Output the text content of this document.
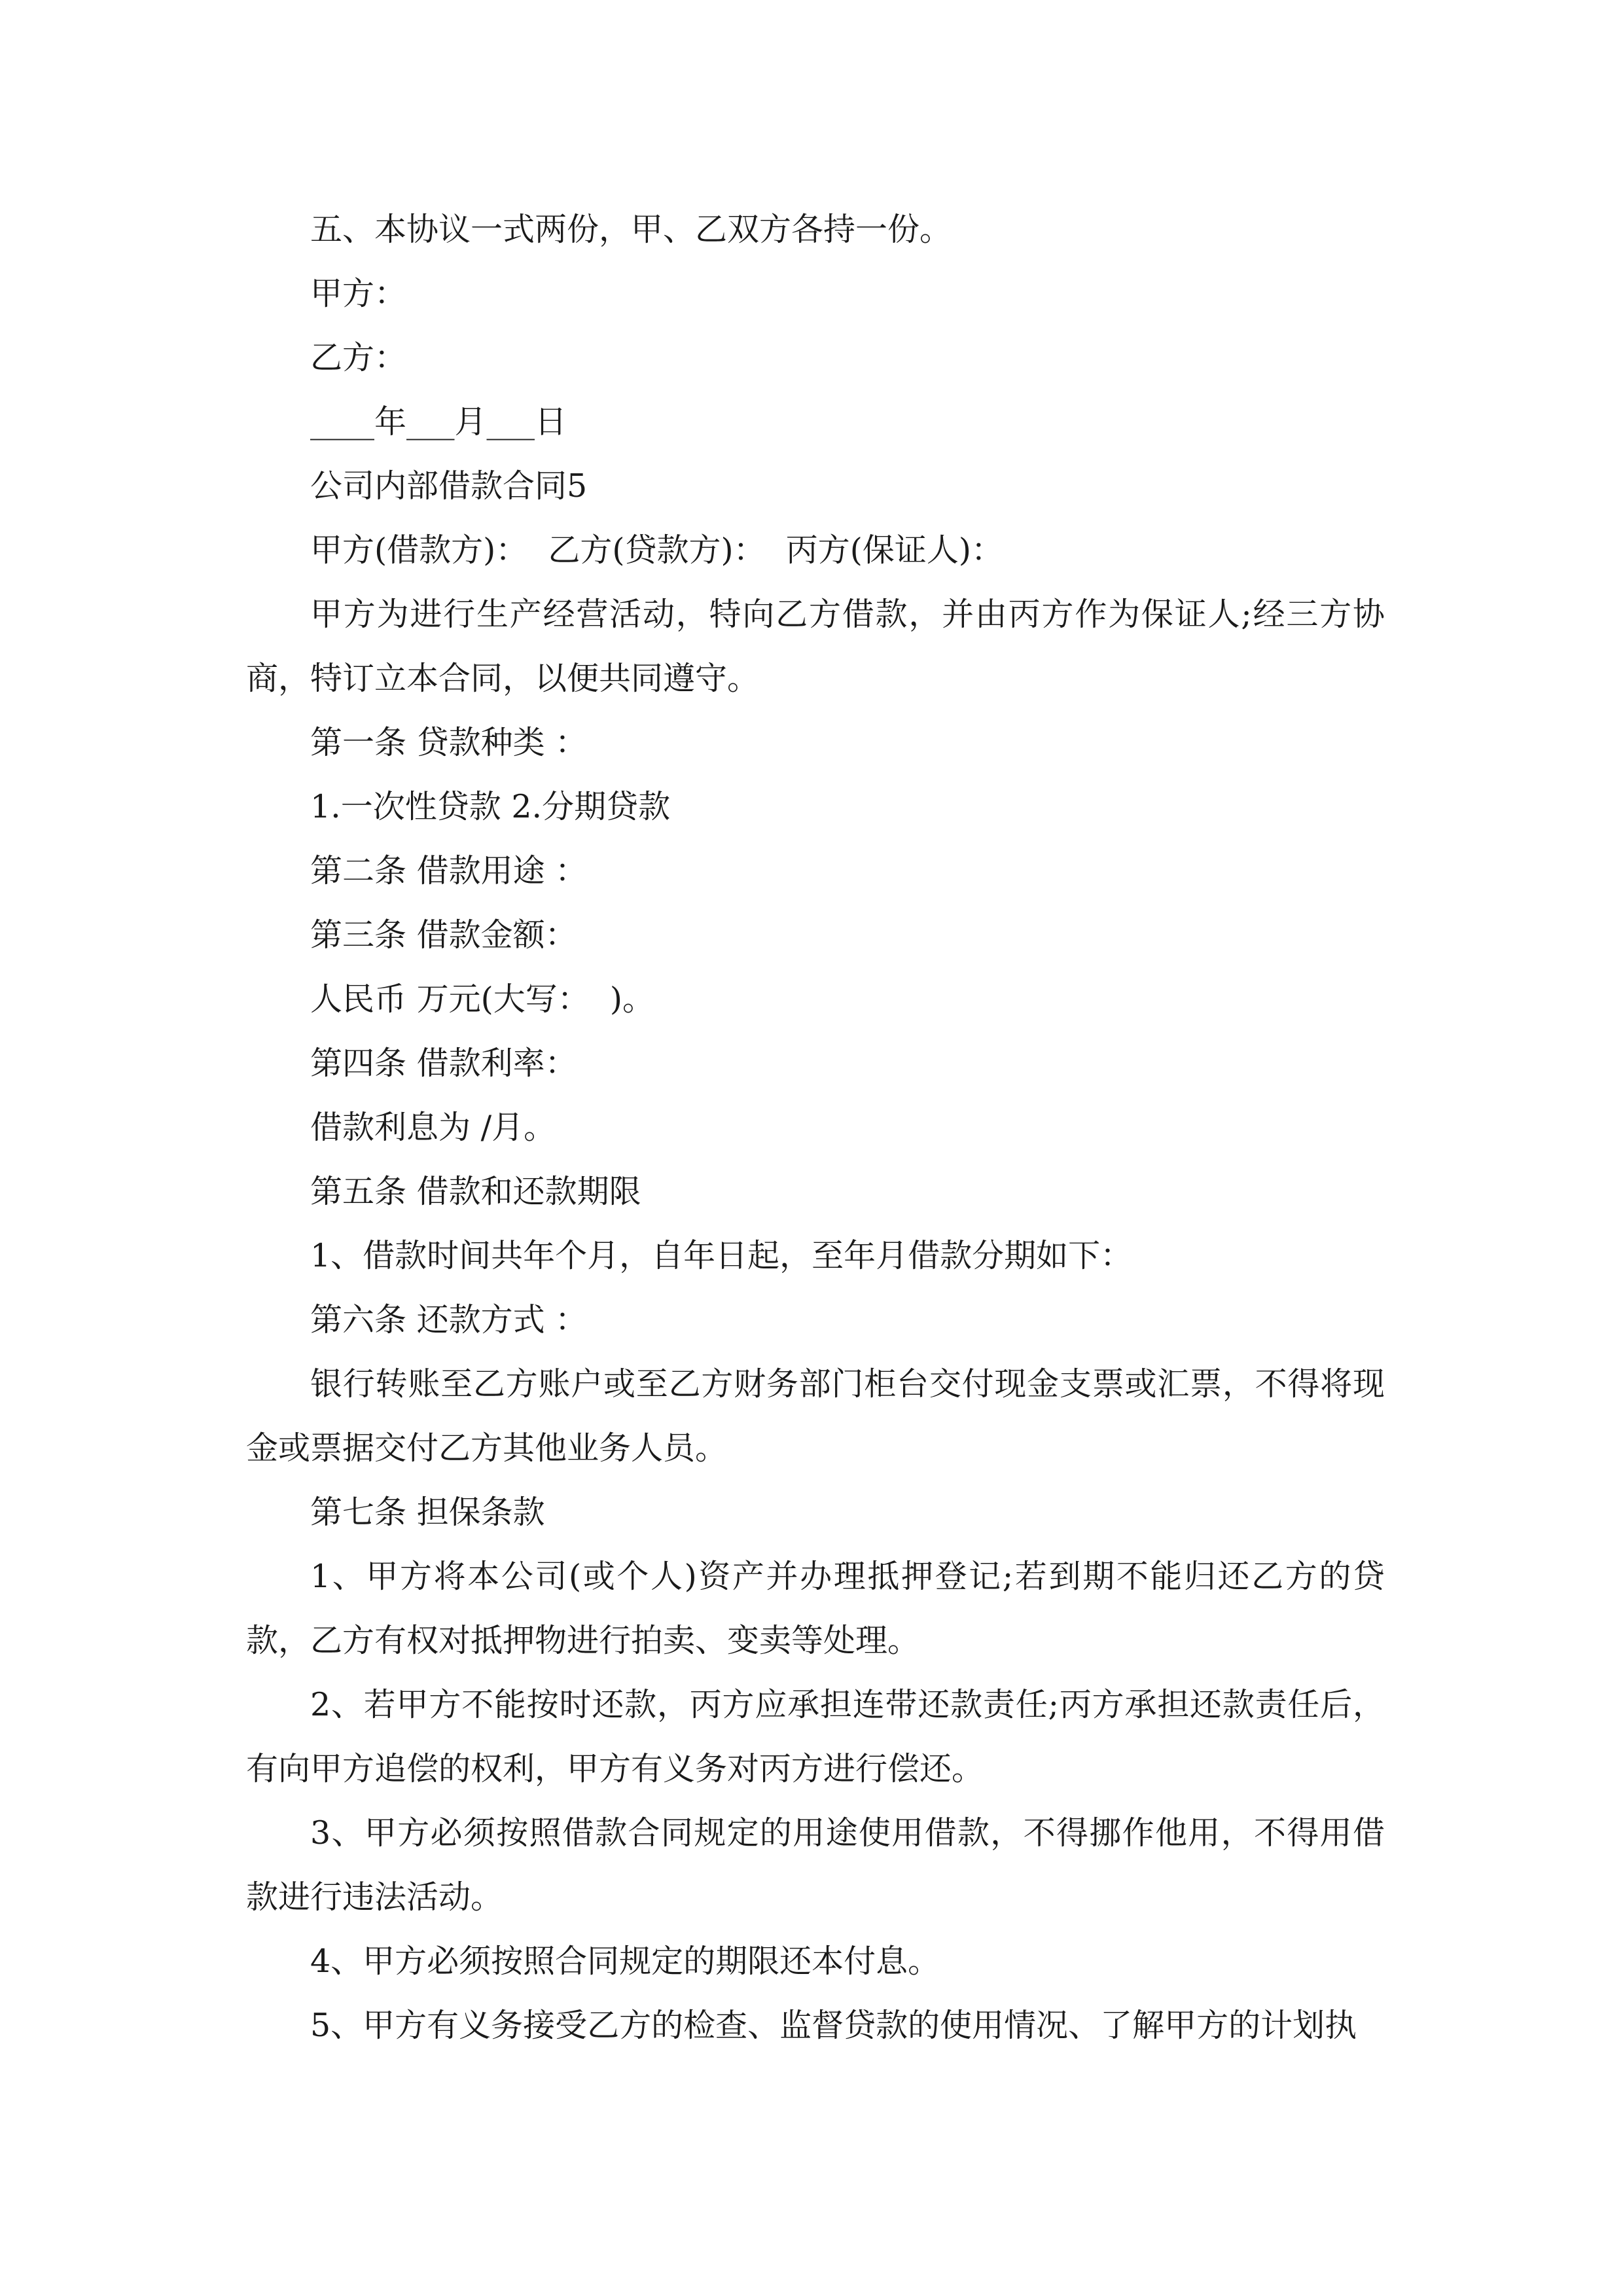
五、本协议一式两份，甲、乙双方各持一份。

甲方：

乙方：

____年___月___日

公司内部借款合同5

甲方(借款方)：  乙方(贷款方)：  丙方(保证人)：

甲方为进行生产经营活动，特向乙方借款，并由丙方作为保证人;经三方协商，特订立本合同，以便共同遵守。

第一条 贷款种类 ：

1.一次性贷款 2.分期贷款

第二条 借款用途 ：

第三条 借款金额：

人民币 万元(大写：  )。

第四条 借款利率：

借款利息为 /月。

第五条 借款和还款期限

1、借款时间共年个月，自年日起，至年月借款分期如下：

第六条 还款方式 ：

银行转账至乙方账户或至乙方财务部门柜台交付现金支票或汇票，不得将现金或票据交付乙方其他业务人员。

第七条 担保条款

1、甲方将本公司(或个人)资产并办理抵押登记;若到期不能归还乙方的贷款，乙方有权对抵押物进行拍卖、变卖等处理。

2、若甲方不能按时还款，丙方应承担连带还款责任;丙方承担还款责任后，有向甲方追偿的权利，甲方有义务对丙方进行偿还。

3、甲方必须按照借款合同规定的用途使用借款，不得挪作他用，不得用借款进行违法活动。

4、甲方必须按照合同规定的期限还本付息。

5、甲方有义务接受乙方的检查、监督贷款的使用情况、了解甲方的计划执
